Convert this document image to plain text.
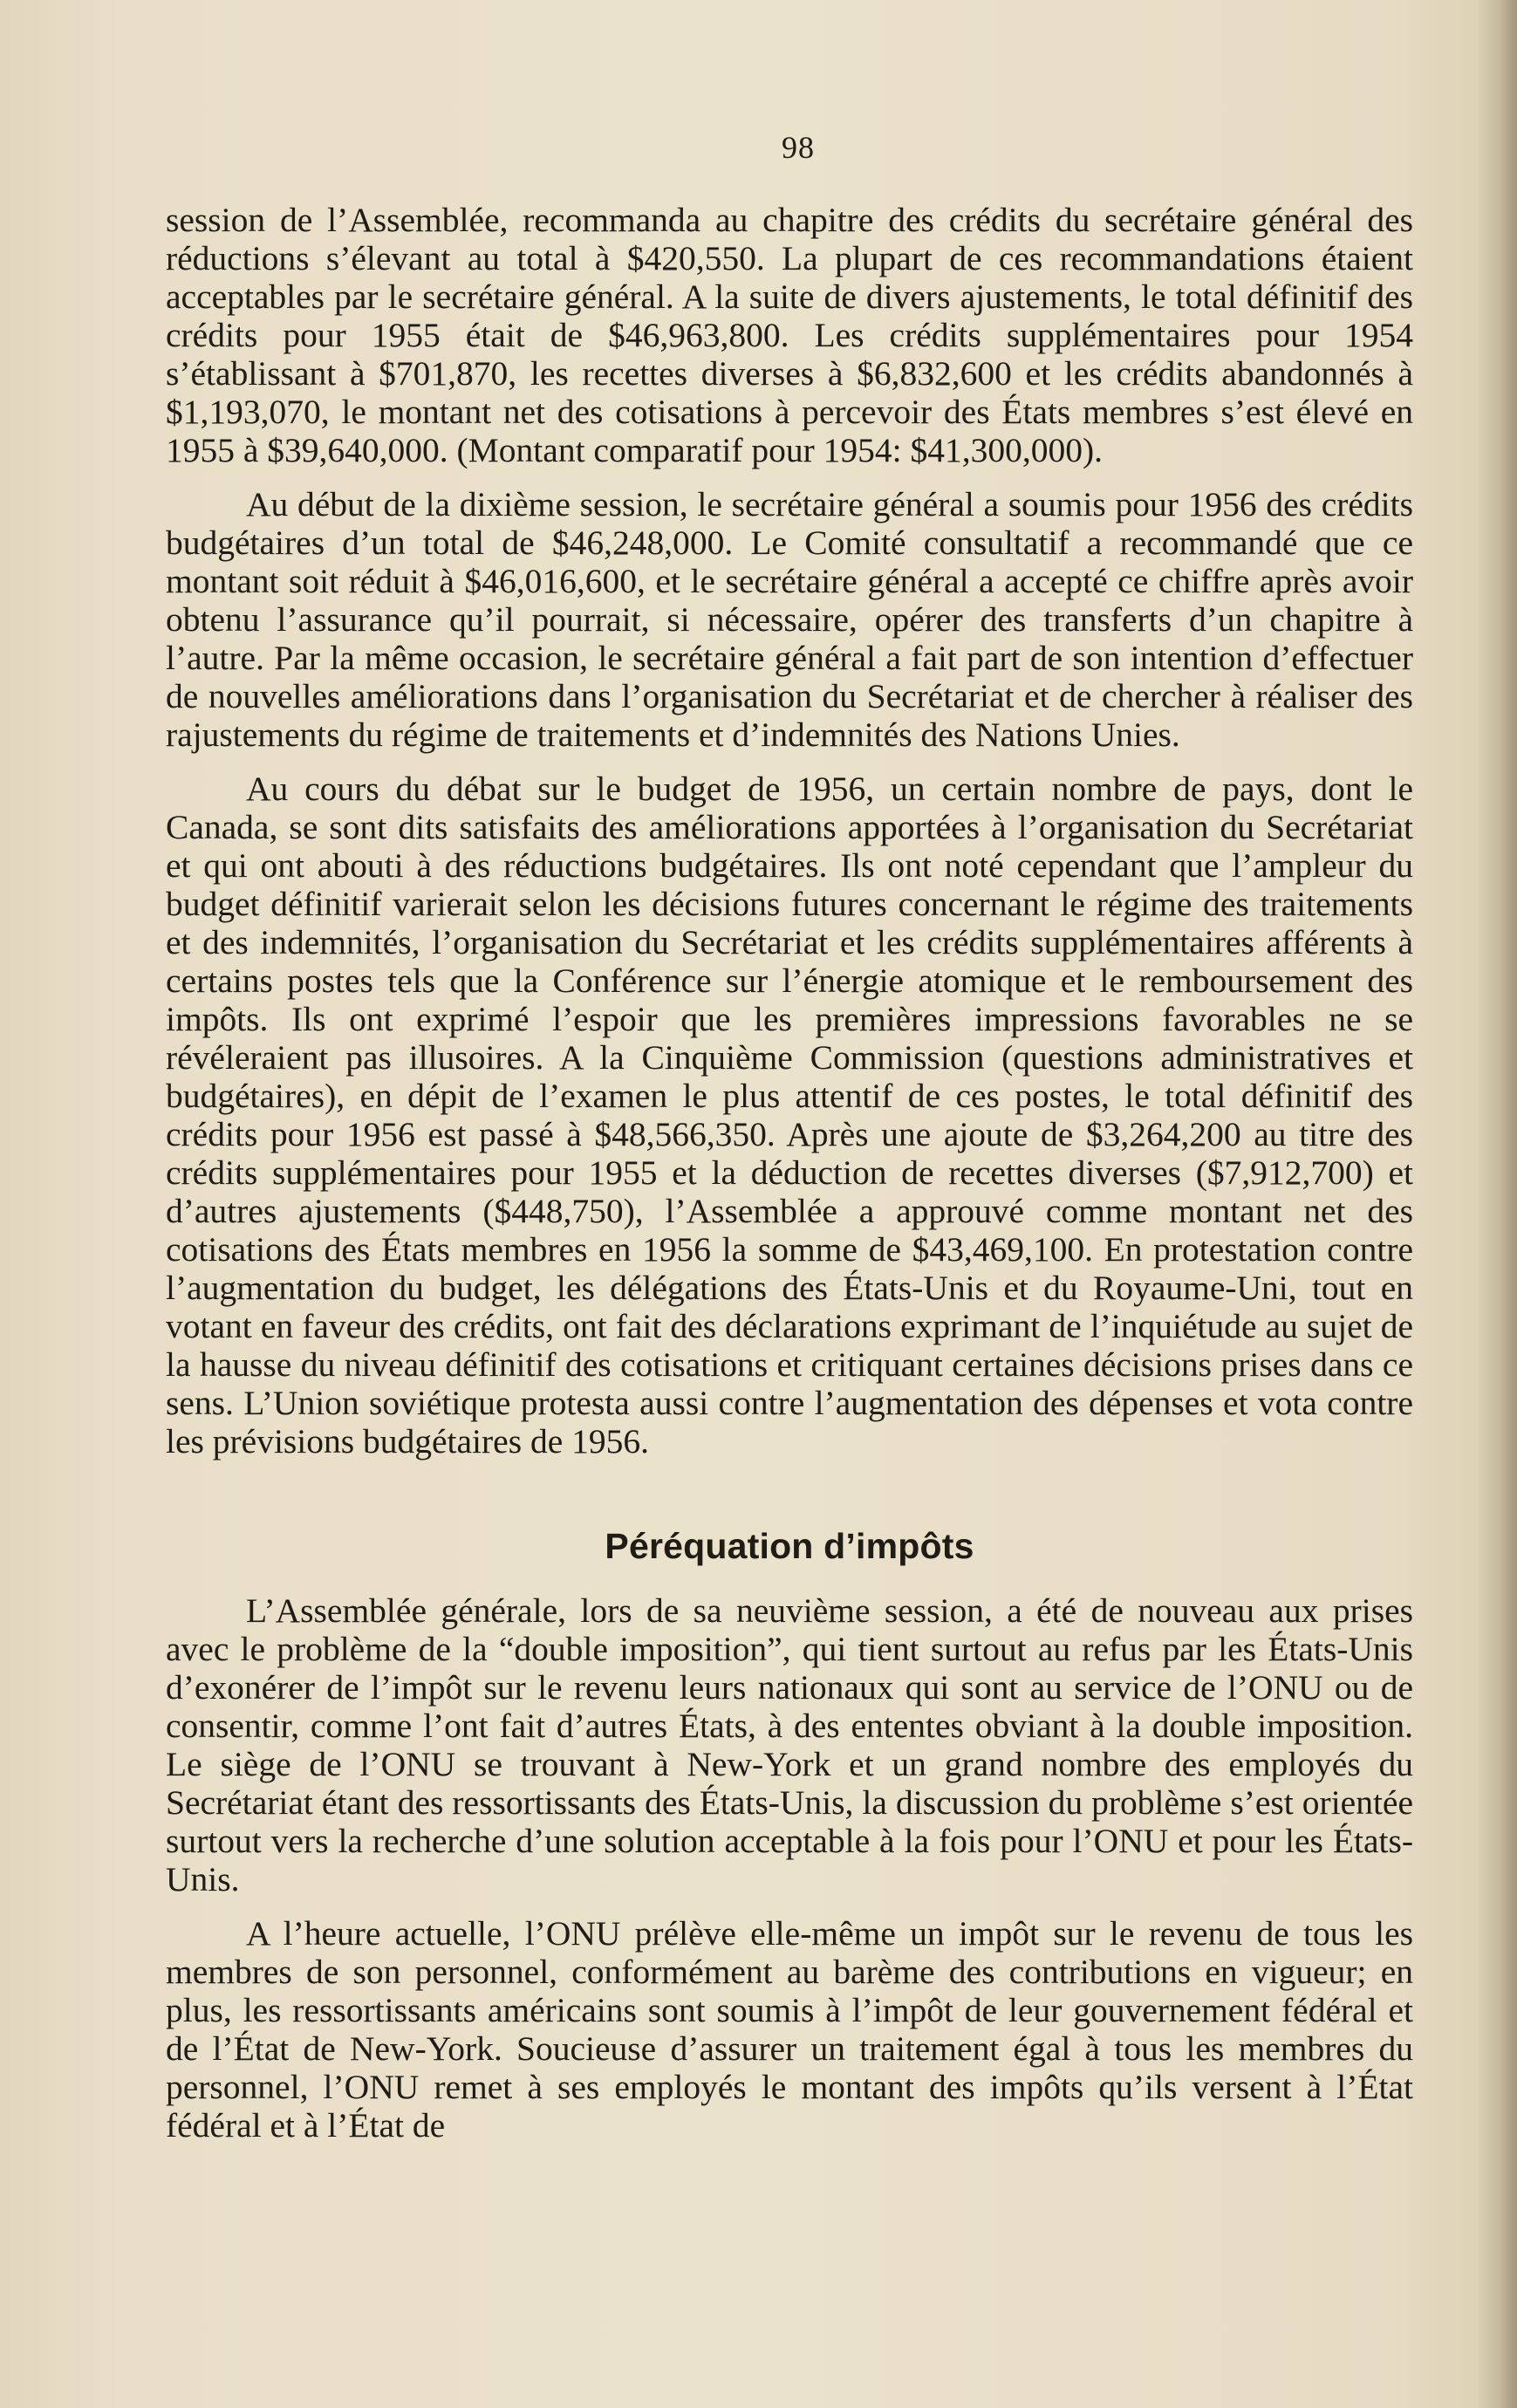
98

session de l’Assemblée, recommanda au chapitre des crédits du secrétaire général des réductions s’élevant au total à $420,550. La plupart de ces recommandations étaient acceptables par le secrétaire général. A la suite de divers ajustements, le total définitif des crédits pour 1955 était de $46,963,800. Les crédits supplémentaires pour 1954 s’établissant à $701,870, les recettes diverses à $6,832,600 et les crédits abandonnés à $1,193,070, le montant net des cotisations à percevoir des États membres s’est élevé en 1955 à $39,640,000. (Montant comparatif pour 1954: $41,300,000).

Au début de la dixième session, le secrétaire général a soumis pour 1956 des crédits budgétaires d’un total de $46,248,000. Le Comité consultatif a recommandé que ce montant soit réduit à $46,016,600, et le secrétaire général a accepté ce chiffre après avoir obtenu l’assurance qu’il pourrait, si nécessaire, opérer des transferts d’un chapitre à l’autre. Par la même occasion, le secrétaire général a fait part de son intention d’effectuer de nouvelles améliorations dans l’organisation du Secrétariat et de chercher à réaliser des rajustements du régime de traitements et d’indemnités des Nations Unies.

Au cours du débat sur le budget de 1956, un certain nombre de pays, dont le Canada, se sont dits satisfaits des améliorations apportées à l’organisation du Secrétariat et qui ont abouti à des réductions budgétaires. Ils ont noté cependant que l’ampleur du budget définitif varierait selon les décisions futures concernant le régime des traitements et des indemnités, l’organisation du Secrétariat et les crédits supplémentaires afférents à certains postes tels que la Conférence sur l’énergie atomique et le remboursement des impôts. Ils ont exprimé l’espoir que les premières impressions favorables ne se révéleraient pas illusoires. A la Cinquième Commission (questions administratives et budgétaires), en dépit de l’examen le plus attentif de ces postes, le total définitif des crédits pour 1956 est passé à $48,566,350. Après une ajoute de $3,264,200 au titre des crédits supplémentaires pour 1955 et la déduction de recettes diverses ($7,912,700) et d’autres ajustements ($448,750), l’Assemblée a approuvé comme montant net des cotisations des États membres en 1956 la somme de $43,469,100. En protestation contre l’augmentation du budget, les délégations des États-Unis et du Royaume-Uni, tout en votant en faveur des crédits, ont fait des déclarations exprimant de l’inquiétude au sujet de la hausse du niveau définitif des cotisations et critiquant certaines décisions prises dans ce sens. L’Union soviétique protesta aussi contre l’augmentation des dépenses et vota contre les prévisions budgétaires de 1956.

Péréquation d’impôts

L’Assemblée générale, lors de sa neuvième session, a été de nouveau aux prises avec le problème de la “double imposition”, qui tient surtout au refus par les États-Unis d’exonérer de l’impôt sur le revenu leurs nationaux qui sont au service de l’ONU ou de consentir, comme l’ont fait d’autres États, à des ententes obviant à la double imposition. Le siège de l’ONU se trouvant à New-York et un grand nombre des employés du Secrétariat étant des ressortissants des États-Unis, la discussion du problème s’est orientée surtout vers la recherche d’une solution acceptable à la fois pour l’ONU et pour les États-Unis.

A l’heure actuelle, l’ONU prélève elle-même un impôt sur le revenu de tous les membres de son personnel, conformément au barème des contributions en vigueur; en plus, les ressortissants américains sont soumis à l’impôt de leur gouvernement fédéral et de l’État de New-York. Soucieuse d’assurer un traitement égal à tous les membres du personnel, l’ONU remet à ses employés le montant des impôts qu’ils versent à l’État fédéral et à l’État de
